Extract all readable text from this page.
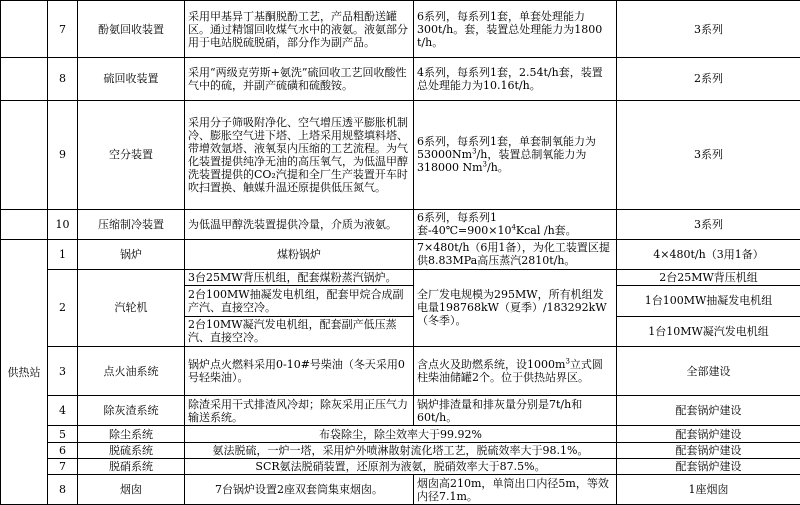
	7	酚氨回收装置	采用甲基异丁基酮脱酚工艺，产品粗酚送罐区。通过精馏回收煤气水中的液氨。液氨部分用于电站脱硫脱硝，部分作为副产品。	6系列，每系列1套，单套处理能力300t/h。套，装置总处理能力为1800 t/h。	3系列
	8	硫回收装置	采用“两级克劳斯+氨洗”硫回收工艺回收酸性气中的硫，并副产硫磺和硫酸铵。	4系列，每系列1套，2.54t/h套，装置总处理能力为10.16t/h。	2系列
	9	空分装置	采用分子筛吸附净化、空气增压透平膨胀机制冷、膨胀空气进下塔、上塔采用规整填料塔、带增效氩塔、液氧泵内压缩的工艺流程。为气化装置提供纯净无油的高压氧气，为低温甲醇洗装置提供的CO₂汽提和全厂生产装置开车时吹扫置换、触媒升温还原提供低压氮气。	6系列，每系列1套，单套制氧能力为53000Nm$^3$/h，装置总制氧能力为318000 Nm$^3$/h。	3系列
	10	压缩制冷装置	为低温甲醇洗装置提供冷量，介质为液氨。	6系列，每系列1套$-40℃=900\times 10^4Kcal$ /h套。	3系列
供热站	1	锅炉	煤粉锅炉	7×480t/h（6用1备），为化工装置区提供8.83MPa高压蒸汽2810t/h。	4×480t/h（3用1备）
	2	汽轮机	3台25MW背压机组，配套煤粉蒸汽锅炉。	全厂发电规模为295MW，所有机组发电量198768kW（夏季）/183292kW（冬季）。	2台25MW背压机组
			2台100MW抽凝发电机组，配套甲烷合成副产汽、直接空冷。		1台100MW抽凝发电机组
			2台10MW凝汽发电机组，配套副产低压蒸汽、直接空冷。		1台10MW凝汽发电机组
	3	点火油系统	锅炉点火燃料采用0-10#号柴油（冬天采用0号轻柴油）。	含点火及助燃系统，设$1000m^3$立式圆柱柴油储罐2个。位于供热站界区。	全部建设
	4	除灰渣系统	除渣采用干式排渣风冷却；除灰采用正压气力输送系统。	锅炉排渣量和排灰量分别是7t/h和60t/h。	配套锅炉建设
	5	除尘系统	布袋除尘，除尘效率大于99.92%		配套锅炉建设
	6	脱硫系统	氨法脱硫，一炉一塔，采用炉外喷淋散射流化塔工艺，脱硫效率大于98.1%。		配套锅炉建设
	7	脱硝系统	SCR氨法脱硝装置，还原剂为液氨，脱硝效率大于87.5%。		配套锅炉建设
	8	烟囱	7台锅炉设置2座双套筒集束烟囱。	烟囱高210m，单筒出口内径5m，等效内径7.1m。	1座烟囱
